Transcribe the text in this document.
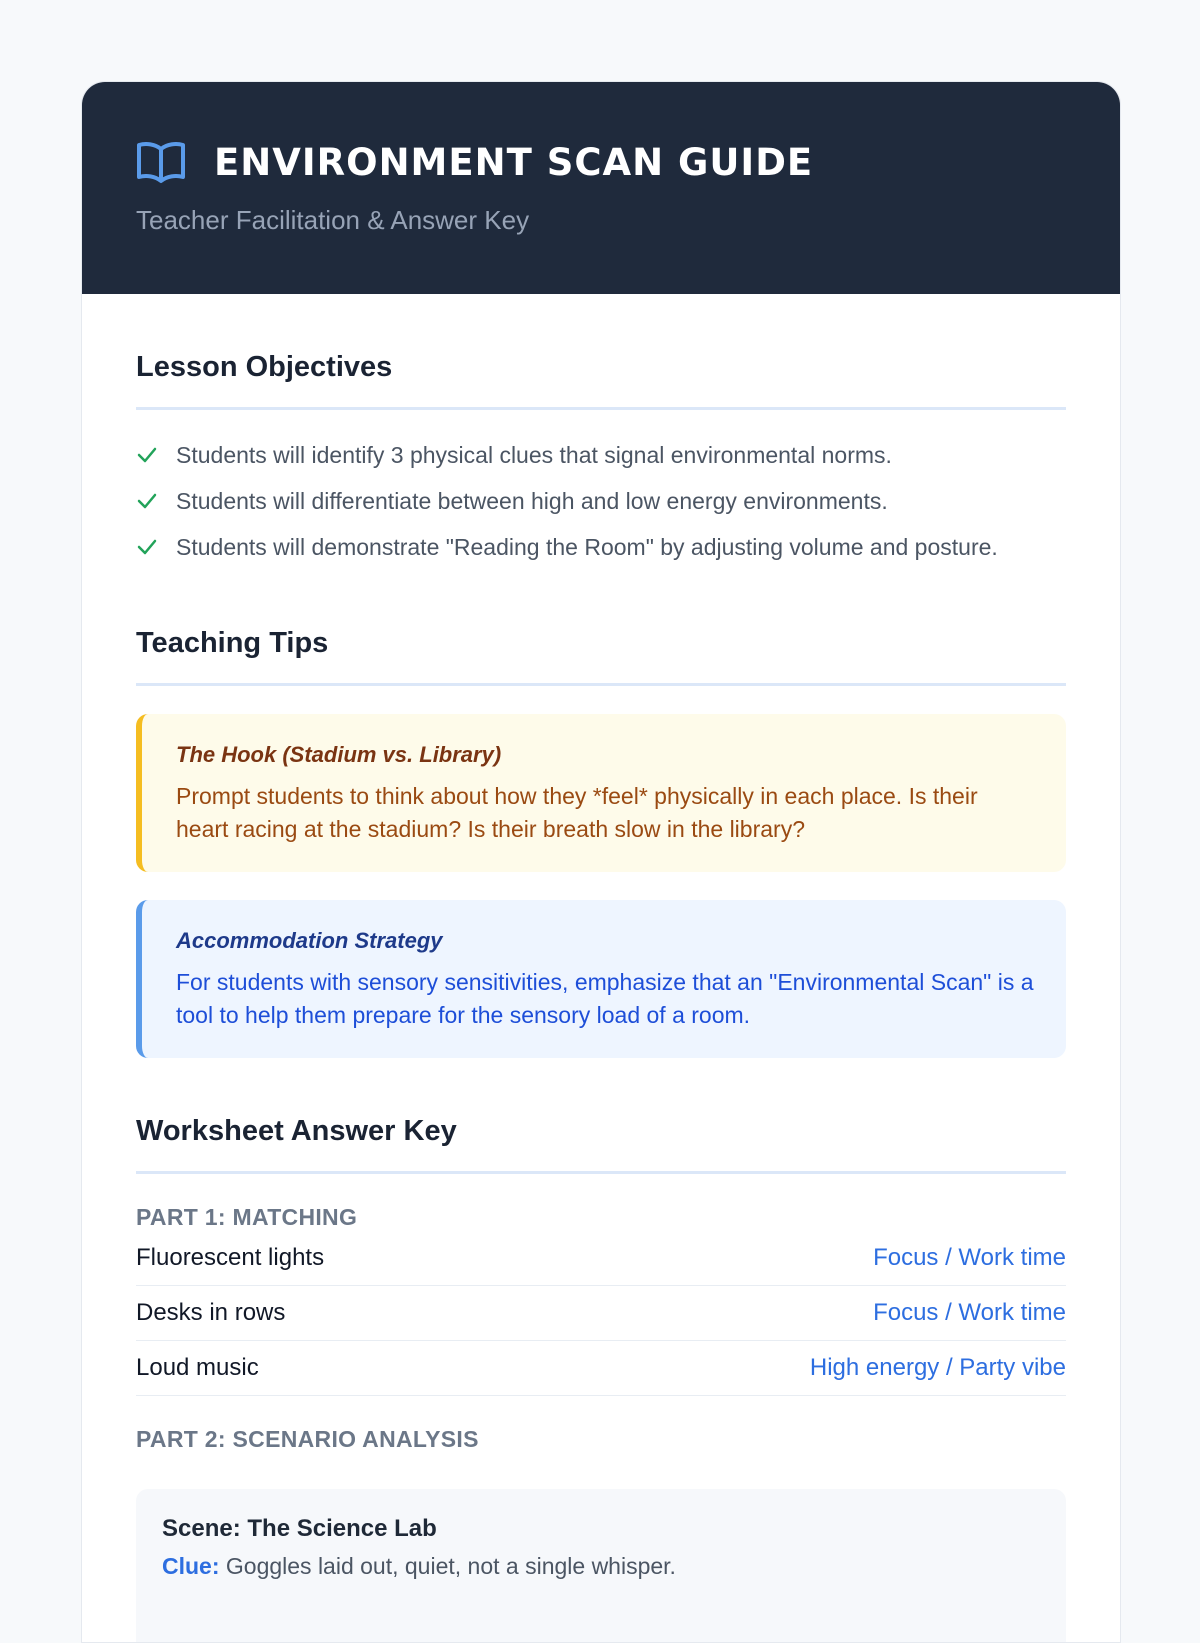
ENVIRONMENT SCAN GUIDE
Teacher Facilitation & Answer Key
Lesson Objectives
Students will identify 3 physical clues that signal environmental norms.
Students will differentiate between high and low energy environments.
Students will demonstrate "Reading the Room" by adjusting volume and posture.
Teaching Tips
The Hook (Stadium vs. Library)
Prompt students to think about how they *feel* physically in each place. Is their heart racing at the stadium? Is their breath slow in the library?
Accommodation Strategy
For students with sensory sensitivities, emphasize that an "Environmental Scan" is a tool to help them prepare for the sensory load of a room.
Worksheet Answer Key
PART 1: MATCHING
Fluorescent lights	Focus / Work time
Desks in rows	Focus / Work time
Loud music	High energy / Party vibe
PART 2: SCENARIO ANALYSIS
Scene: The Science Lab
Clue: Goggles laid out, quiet, not a single whisper.
